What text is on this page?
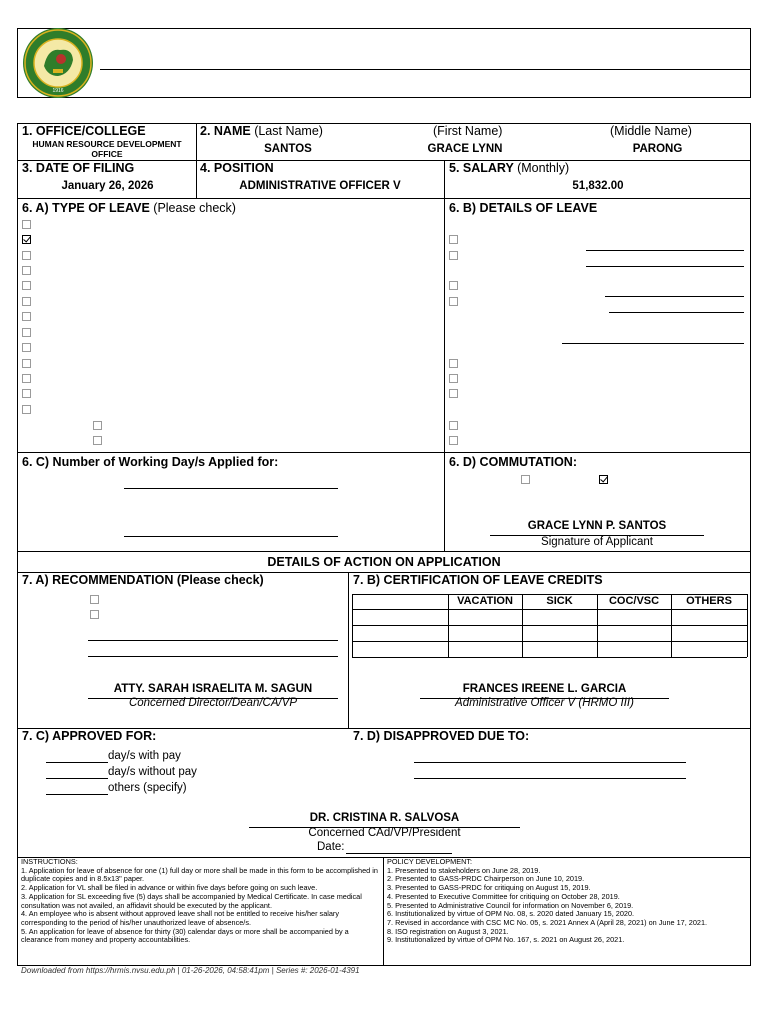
1916
1. OFFICE/COLLEGE
HUMAN RESOURCE DEVELOPMENT OFFICE
2. NAME (Last Name)	(First Name)	(Middle Name)
SANTOS	GRACE LYNN	PARONG
3. DATE OF FILING
January 26, 2026
4. POSITION
ADMINISTRATIVE OFFICER V
5. SALARY (Monthly)
51,832.00
6. A) TYPE OF LEAVE (Please check)	6. B) DETAILS OF LEAVE
6. C) Number of Working Day/s Applied for:	6. D) COMMUTATION:
GRACE LYNN P. SANTOS
Signature of Applicant
DETAILS OF ACTION ON APPLICATION
7. A) RECOMMENDATION (Please check)
ATTY. SARAH ISRAELITA M. SAGUN
Concerned Director/Dean/CA/VP
7. B) CERTIFICATION OF LEAVE CREDITS
VACATION	SICK	COC/VSC	OTHERS
FRANCES IREENE L. GARCIA
Administrative Officer V (HRMO III)
7. C) APPROVED FOR:
day/s with pay
day/s without pay
others (specify)
7. D) DISAPPROVED DUE TO:
DR. CRISTINA R. SALVOSA
Concerned CAd/VP/President
Date:
INSTRUCTIONS:
1. Application for leave of absence for one (1) full day or more shall be made in this form to be accomplished in duplicate copies and in 8.5x13" paper.
2. Application for VL shall be filed in advance or within five days before going on such leave.
3. Application for SL exceeding five (5) days shall be accompanied by Medical Certificate. In case medical consultation was not availed, an affidavit should be executed by the applicant.
4. An employee who is absent without approved leave shall not be entitled to receive his/her salary corresponding to the period of his/her unauthorized leave of absence/s.
5. An application for leave of absence for thirty (30) calendar days or more shall be accompanied by a clearance from money and property accountabilities.
POLICY DEVELOPMENT:
1. Presented to stakeholders on June 28, 2019.
2. Presented to GASS-PRDC Chairperson on June 10, 2019.
3. Presented to GASS-PRDC for critiquing on August 15, 2019.
4. Presented to Executive Committee for critiquing on October 28, 2019.
5. Presented to Administrative Council for information on November 6, 2019.
6. Institutionalized by virtue of OPM No. 08, s. 2020 dated January 15, 2020.
7. Revised in accordance with CSC MC No. 05, s. 2021 Annex A (April 28, 2021) on June 17, 2021.
8. ISO registration on August 3, 2021.
9. Institutionalized by virtue of OPM No. 167, s. 2021 on August 26, 2021.
Downloaded from https://hrmis.nvsu.edu.ph | 01-26-2026, 04:58:41pm | Series #: 2026-01-4391
